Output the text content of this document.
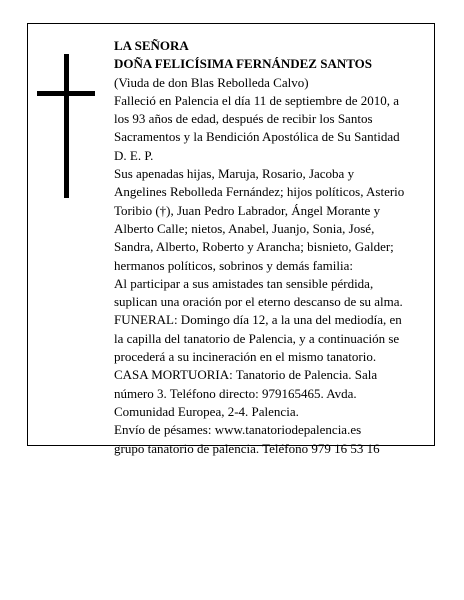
LA SEÑORA
DOÑA FELICÍSIMA FERNÁNDEZ SANTOS
(Viuda de don Blas Rebolleda Calvo)
Falleció en Palencia el día 11 de septiembre de 2010, a
los 93 años de edad, después de recibir los Santos
Sacramentos y la Bendición Apostólica de Su Santidad
D. E. P.
Sus apenadas hijas, Maruja, Rosario, Jacoba y
Angelines Rebolleda Fernández; hijos políticos, Asterio
Toribio (†), Juan Pedro Labrador, Ángel Morante y
Alberto Calle; nietos, Anabel, Juanjo, Sonia, José,
Sandra, Alberto, Roberto y Arancha; bisnieto, Galder;
hermanos políticos, sobrinos y demás familia:
Al participar a sus amistades tan sensible pérdida,
suplican una oración por el eterno descanso de su alma.
FUNERAL: Domingo día 12, a la una del mediodía, en
la capilla del tanatorio de Palencia, y a continuación se
procederá a su incineración en el mismo tanatorio.
CASA MORTUORIA: Tanatorio de Palencia. Sala
número 3. Teléfono directo: 979165465. Avda.
Comunidad Europea, 2-4. Palencia.
Envío de pésames: www.tanatoriodepalencia.es
grupo tanatorio de palencia. Teléfono 979 16 53 16
